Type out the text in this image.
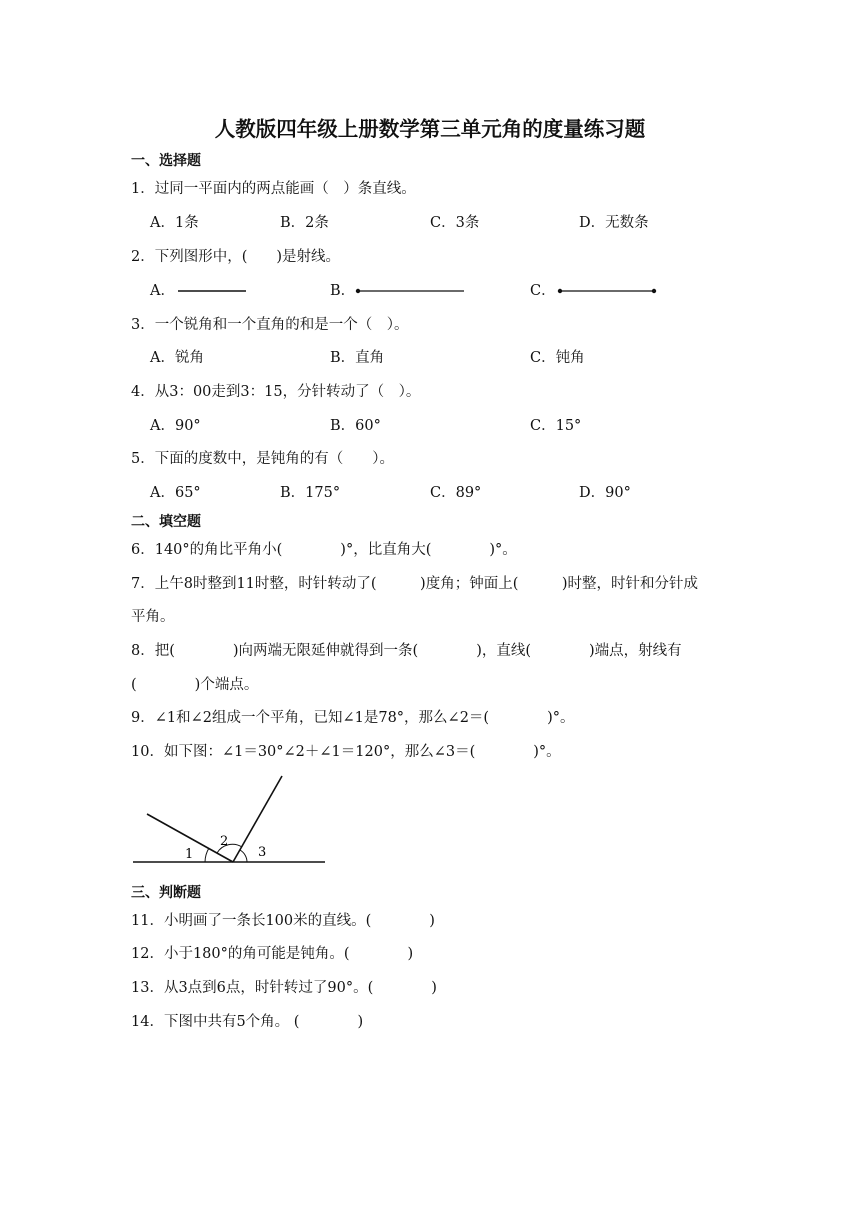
人教版四年级上册数学第三单元角的度量练习题
一、选择题
1．过同一平面内的两点能画（　）条直线。
A．1条	B．2条	C．3条	D．无数条
2．下列图形中，(　　)是射线。
A．	B．	C．
3．一个锐角和一个直角的和是一个（　）。
A．锐角	B．直角	C．钝角
4．从3：00走到3：15，分针转动了（　）。
A．90°	B．60°	C．15°
5．下面的度数中，是钝角的有（　　）。
A．65°	B．175°	C．89°	D．90°
二、填空题
6．140°的角比平角小(　　　　)°，比直角大(　　　　)°。
7．上午8时整到11时整，时针转动了(　　　)度角；钟面上(　　　)时整，时针和分针成
平角。
8．把(　　　　)向两端无限延伸就得到一条(　　　　)，直线(　　　　)端点，射线有
(　　　　)个端点。
9．∠1和∠2组成一个平角，已知∠1是78°，那么∠2＝(　　　　)°。
10．如下图：∠1＝30°∠2＋∠1＝120°，那么∠3＝(　　　　)°。
1
2
3
三、判断题
11．小明画了一条长100米的直线。(　　　　)
12．小于180°的角可能是钝角。(　　　　)
13．从3点到6点，时针转过了90°。(　　　　)
14．下图中共有5个角。 (　　　　)
